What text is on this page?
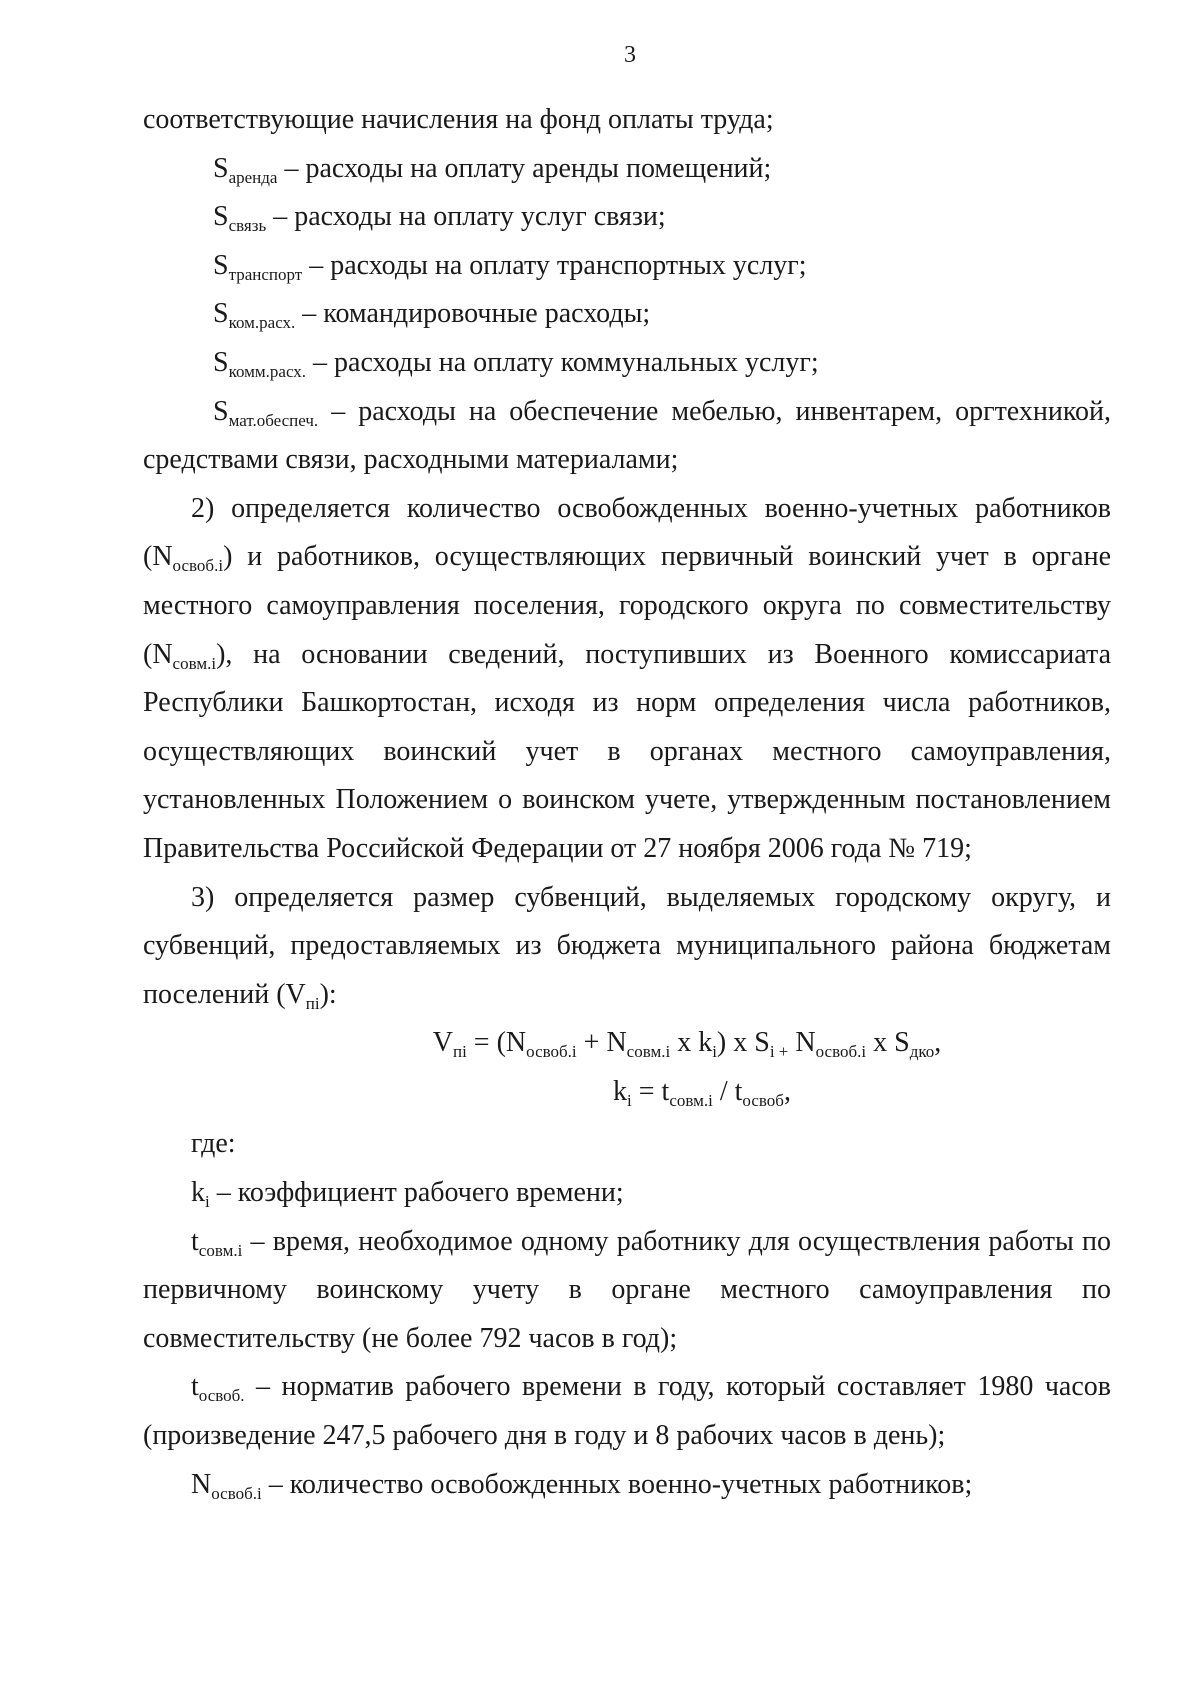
3

соответствующие начисления на фонд оплаты труда;

$S_{аренда}$ – расходы на оплату аренды помещений;

$S_{связь}$ – расходы на оплату услуг связи;

$S_{транспорт}$ – расходы на оплату транспортных услуг;

$S_{ком.расх.}$ – командировочные расходы;

$S_{комм.расх.}$ – расходы на оплату коммунальных услуг;

$S_{мат.обеспеч.}$ – расходы на обеспечение мебелью, инвентарем, оргтехникой, средствами связи, расходными материалами;

2) определяется количество освобожденных военно-учетных работников $(N_{освоб.i})$ и работников, осуществляющих первичный воинский учет в органе местного самоуправления поселения, городского округа по совместительству $(N_{совм.i})$, на основании сведений, поступивших из Военного комиссариата Республики Башкортостан, исходя из норм определения числа работников, осуществляющих воинский учет в органах местного самоуправления, установленных Положением о воинском учете, утвержденным постановлением Правительства Российской Федерации от 27 ноября 2006 года № 719;

3) определяется размер субвенций, выделяемых городскому округу, и субвенций, предоставляемых из бюджета муниципального района бюджетам поселений $(V_{пi})$:

$V_{пi} = (N_{освоб.i} + N_{совм.i}$ x $k_i$) x $S_{i +}$ $N_{освоб.i}$ x $S_{дко}$,

$k_i = t_{совм.i} / t_{освоб}$,

где:

$k_i$ – коэффициент рабочего времени;

$t_{совм.i}$ – время, необходимое одному работнику для осуществления работы по первичному воинскому учету в органе местного самоуправления по совместительству (не более 792 часов в год);

$t_{освоб.}$ – норматив рабочего времени в году, который составляет 1980 часов (произведение 247,5 рабочего дня в году и 8 рабочих часов в день);

$N_{освоб.i}$ – количество освобожденных военно-учетных работников;
